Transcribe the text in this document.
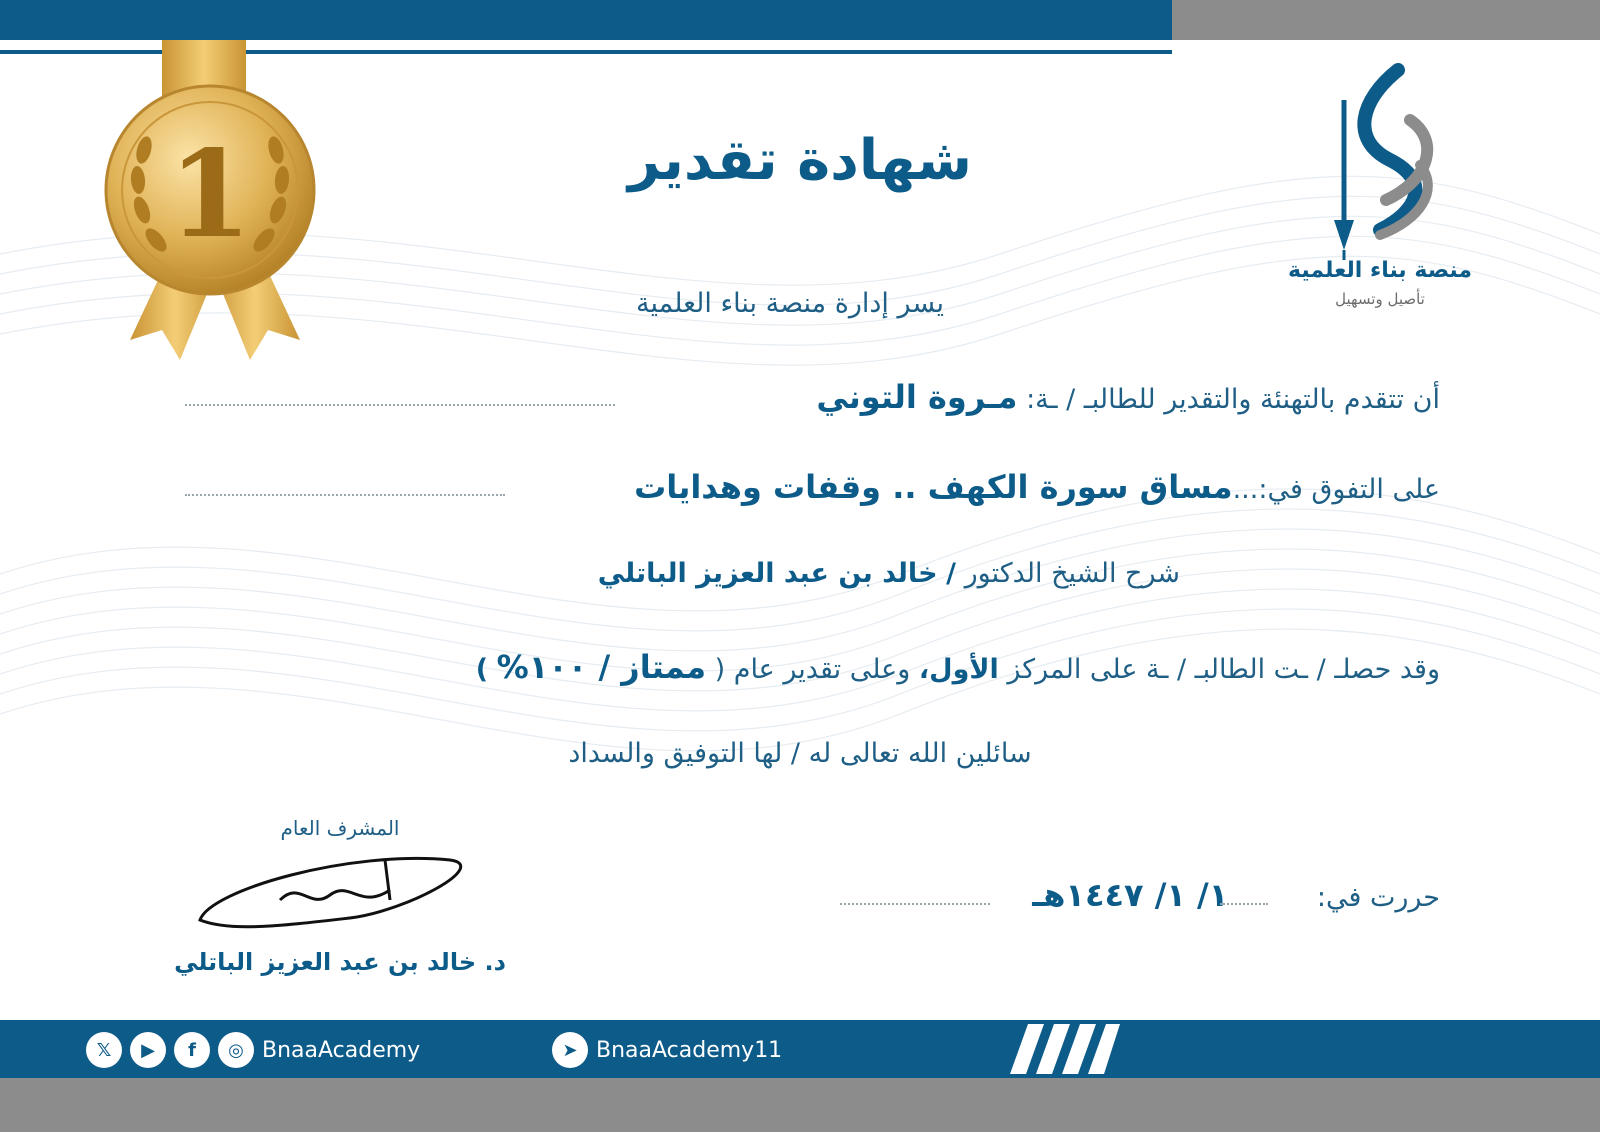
1
منصة بناء العلمية
تأصيل وتسهيل
شهادة تقدير
يسر إدارة منصة بناء العلمية
أن تتقدم بالتهنئة والتقدير للطالبـ / ـة: مـروة التوني
على التفوق في:...مساق سورة الكهف .. وقفات وهدايات
شرح الشيخ الدكتور / خالد بن عبد العزيز الباتلي
وقد حصلـ / ـت الطالبـ / ـة على المركز الأول، وعلى تقدير عام ( ممتاز / ١٠٠% )
سائلين الله تعالى له / لها التوفيق والسداد
حررت في: ١/ ١/ ١٤٤٧هـ
المشرف العام
د. خالد بن عبد العزيز الباتلي
𝕏	▶	f	◎ BnaaAcademy	➤ BnaaAcademy11
